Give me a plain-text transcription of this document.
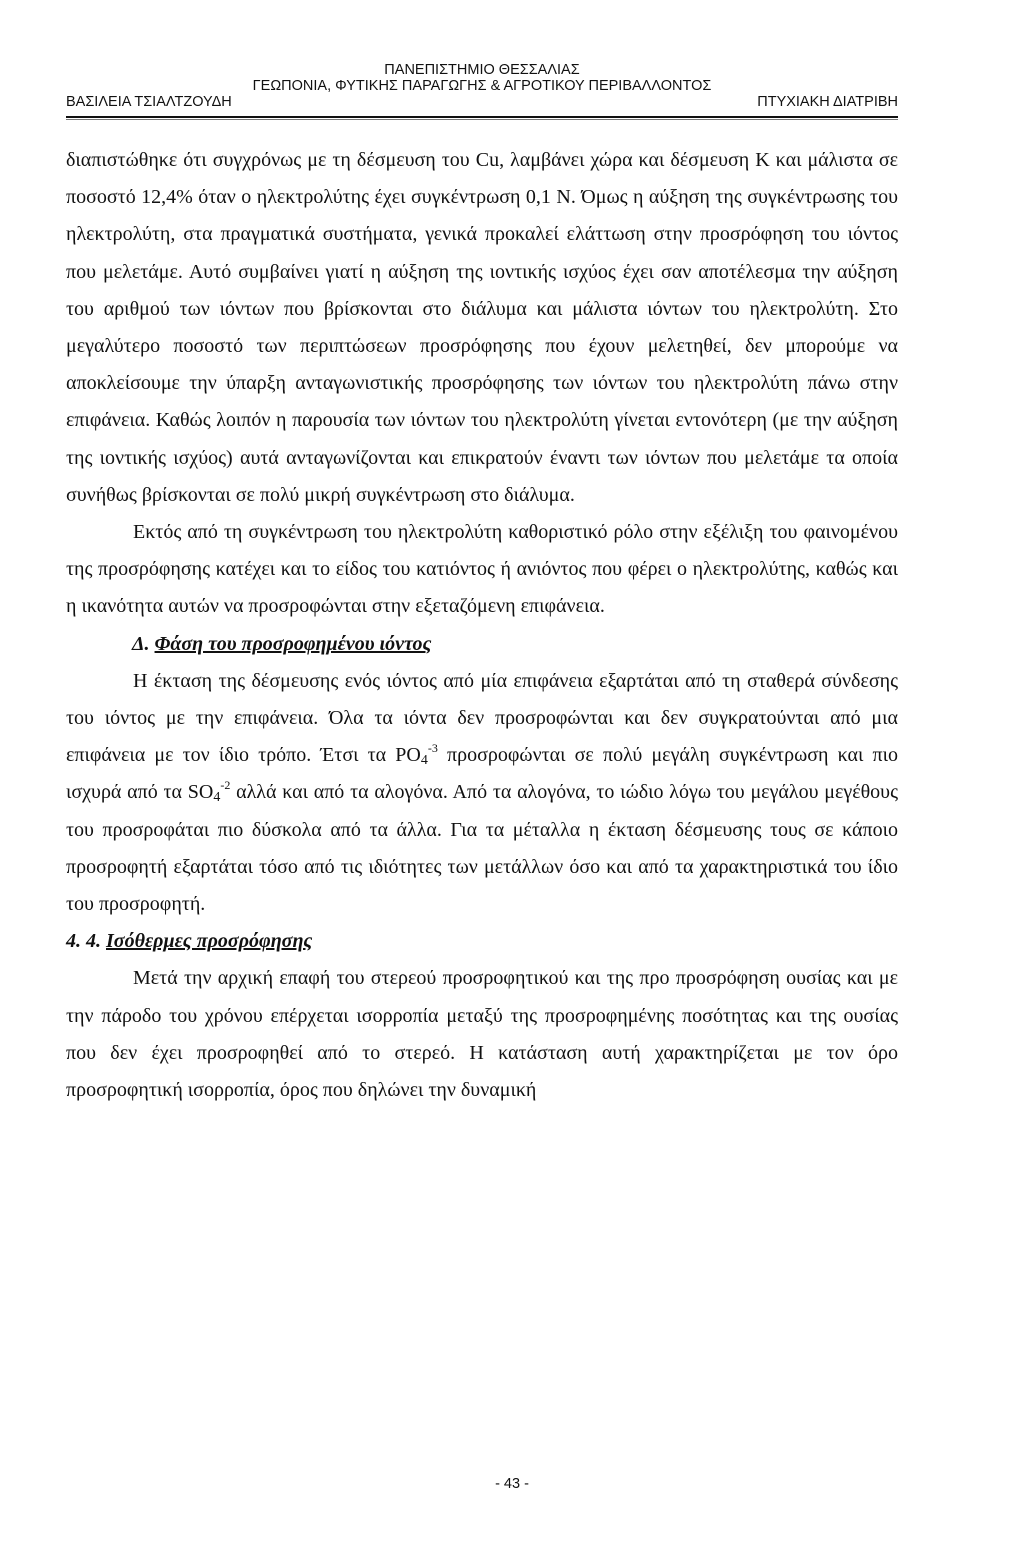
ΠΑΝΕΠΙΣΤΗΜΙΟ ΘΕΣΣΑΛΙΑΣ
ΓΕΩΠΟΝΙΑ, ΦΥΤΙΚΗΣ ΠΑΡΑΓΩΓΗΣ & ΑΓΡΟΤΙΚΟΥ ΠΕΡΙΒΑΛΛΟΝΤΟΣ
ΒΑΣΙΛΕΙΑ ΤΣΙΑΛΤΖΟΥΔΗ	ΠΤΥΧΙΑΚΗ ΔΙΑΤΡΙΒΗ

διαπιστώθηκε ότι συγχρόνως με τη δέσμευση του Cu, λαμβάνει χώρα και δέσμευση Κ και μάλιστα σε ποσοστό 12,4% όταν ο ηλεκτρολύτης έχει συγκέντρωση 0,1 Ν. Όμως η αύξηση της συγκέντρωσης του ηλεκτρολύτη, στα πραγματικά συστήματα, γενικά προκαλεί ελάττωση στην προσρόφηση του ιόντος που μελετάμε. Αυτό συμβαίνει γιατί η αύξηση της ιοντικής ισχύος έχει σαν αποτέλεσμα την αύξηση του αριθμού των ιόντων που βρίσκονται στο διάλυμα και μάλιστα ιόντων του ηλεκτρολύτη. Στο μεγαλύτερο ποσοστό των περιπτώσεων προσρόφησης που έχουν μελετηθεί, δεν μπορούμε να αποκλείσουμε την ύπαρξη ανταγωνιστικής προσρόφησης των ιόντων του ηλεκτρολύτη πάνω στην επιφάνεια. Καθώς λοιπόν η παρουσία των ιόντων του ηλεκτρολύτη γίνεται εντονότερη (με την αύξηση της ιοντικής ισχύος) αυτά ανταγωνίζονται και επικρατούν έναντι των ιόντων που μελετάμε τα οποία συνήθως βρίσκονται σε πολύ μικρή συγκέντρωση στο διάλυμα.

Εκτός από τη συγκέντρωση του ηλεκτρολύτη καθοριστικό ρόλο στην εξέλιξη του φαινομένου της προσρόφησης κατέχει και το είδος του κατιόντος ή ανιόντος που φέρει ο ηλεκτρολύτης, καθώς και η ικανότητα αυτών να προσροφώνται στην εξεταζόμενη επιφάνεια.

Δ. Φάση του προσροφημένου ιόντος

Η έκταση της δέσμευσης ενός ιόντος από μία επιφάνεια εξαρτάται από τη σταθερά σύνδεσης του ιόντος με την επιφάνεια. Όλα τα ιόντα δεν προσροφώνται και δεν συγκρατούνται από μια επιφάνεια με τον ίδιο τρόπο. Έτσι τα $PO_4^{-3}$ προσροφώνται σε πολύ μεγάλη συγκέντρωση και πιο ισχυρά από τα $SO_4^{-2}$ αλλά και από τα αλογόνα. Από τα αλογόνα, το ιώδιο λόγω του μεγάλου μεγέθους του προσροφάται πιο δύσκολα από τα άλλα. Για τα μέταλλα η έκταση δέσμευσης τους σε κάποιο προσροφητή εξαρτάται τόσο από τις ιδιότητες των μετάλλων όσο και από τα χαρακτηριστικά του ίδιο του προσροφητή.

4. 4. Ισόθερμες προσρόφησης

Μετά την αρχική επαφή του στερεού προσροφητικού και της προ προσρόφηση ουσίας και με την πάροδο του χρόνου επέρχεται ισορροπία μεταξύ της προσροφημένης ποσότητας και της ουσίας που δεν έχει προσροφηθεί από το στερεό. Η κατάσταση αυτή χαρακτηρίζεται με τον όρο προσροφητική ισορροπία, όρος που δηλώνει την δυναμική

- 43 -
